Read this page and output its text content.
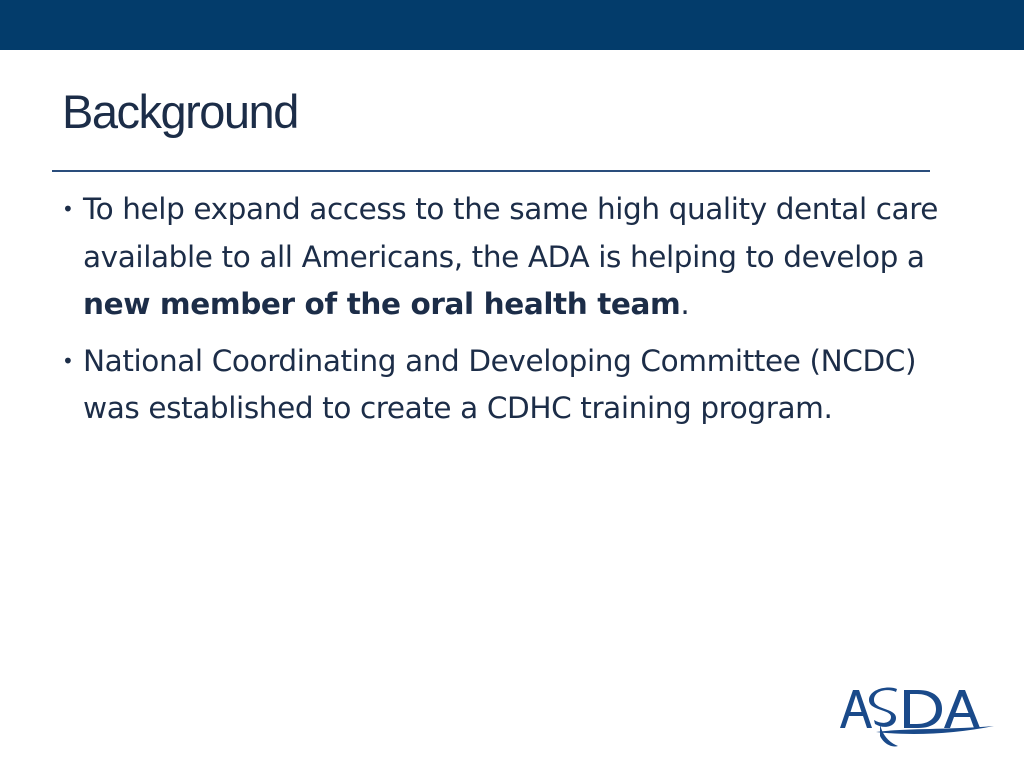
Background
• To help expand access to the same high quality dental care available to all Americans, the ADA is helping to develop a new member of the oral health team.
• National Coordinating and Developing Committee (NCDC) was established to create a CDHC training program.
ASDA
